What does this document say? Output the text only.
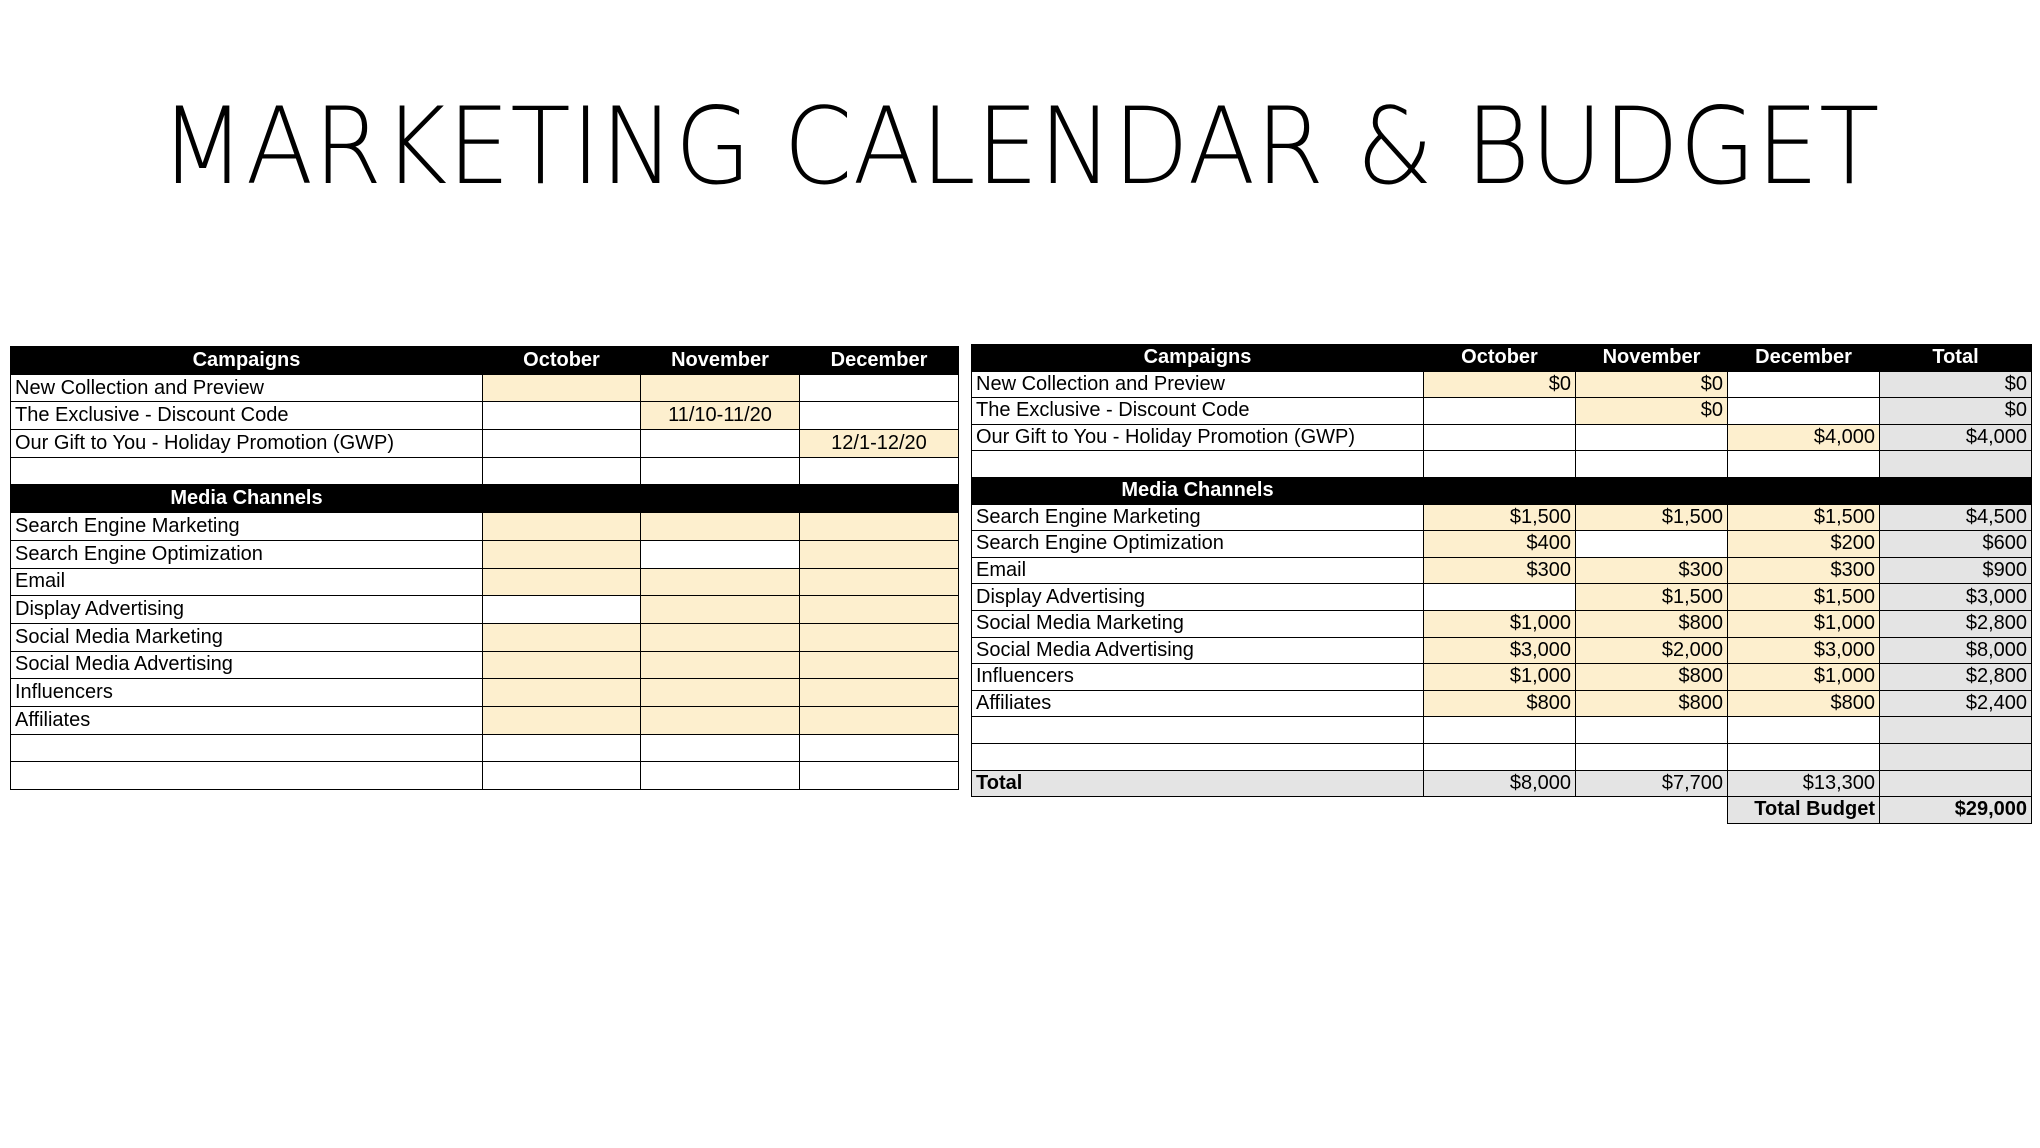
MARKETING CALENDAR & BUDGET
Campaigns	October	November	December
New Collection and Preview			
The Exclusive - Discount Code		11/10-11/20	
Our Gift to You - Holiday Promotion (GWP)			12/1-12/20

Media Channels			
Search Engine Marketing			
Search Engine Optimization			
Email			
Display Advertising			
Social Media Marketing			
Social Media Advertising			
Influencers			
Affiliates			

Campaigns	October	November	December	Total
New Collection and Preview	$0	$0		$0
The Exclusive - Discount Code		$0		$0
Our Gift to You - Holiday Promotion (GWP)			$4,000	$4,000

Media Channels				
Search Engine Marketing	$1,500	$1,500	$1,500	$4,500
Search Engine Optimization	$400		$200	$600
Email	$300	$300	$300	$900
Display Advertising		$1,500	$1,500	$3,000
Social Media Marketing	$1,000	$800	$1,000	$2,800
Social Media Advertising	$3,000	$2,000	$3,000	$8,000
Influencers	$1,000	$800	$1,000	$2,800
Affiliates	$800	$800	$800	$2,400

Total	$8,000	$7,700	$13,300	
			Total Budget	$29,000
